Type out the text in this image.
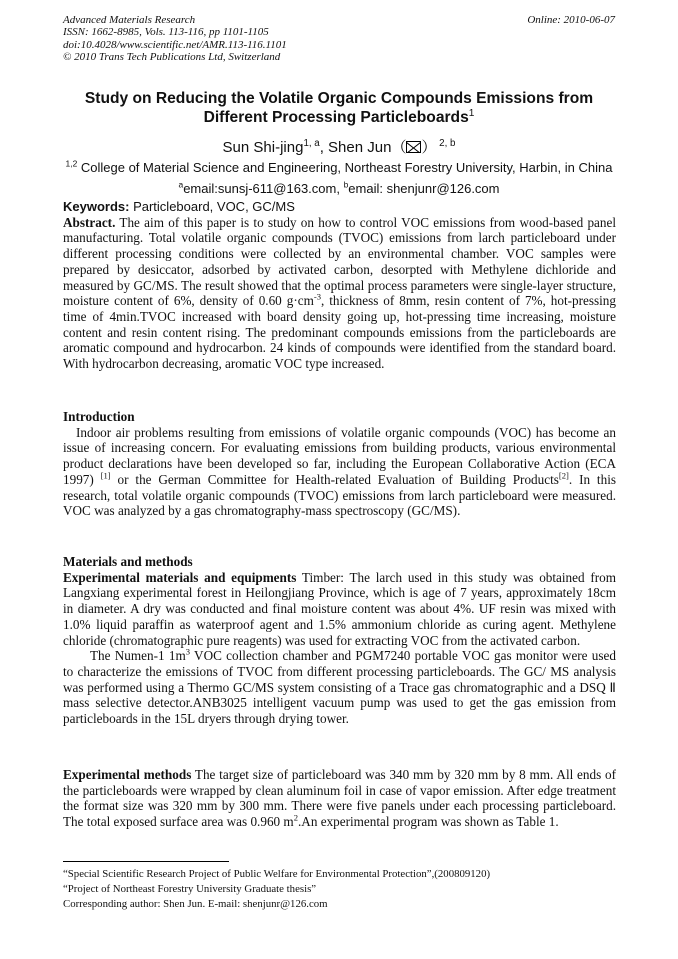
Advanced Materials Research
ISSN: 1662-8985, Vols. 113-116, pp 1101-1105
doi:10.4028/www.scientific.net/AMR.113-116.1101
© 2010 Trans Tech Publications Ltd, Switzerland
Online: 2010-06-07
Study on Reducing the Volatile Organic Compounds Emissions from
Different Processing Particleboards$^1$
Sun Shi-jing$^{1, a}$, Shen Jun（ ） $^{2, b}$
$^{1,2}$ College of Material Science and Engineering, Northeast Forestry University, Harbin, in China
$^a$email:sunsj-611@163.com, $^b$email: shenjunr@126.com
Keywords: Particleboard, VOC, GC/MS
Abstract. The aim of this paper is to study on how to control VOC emissions from wood-based panel manufacturing. Total volatile organic compounds (TVOC) emissions from larch particleboard under different processing conditions were collected by an environmental chamber. VOC samples were prepared by desiccator, adsorbed by activated carbon, desorpted with Methylene dichloride and measured by GC/MS. The result showed that the optimal process parameters were single-layer structure, moisture content of 6%, density of 0.60 $g\cdot cm^{-3}$, thickness of 8mm, resin content of 7%, hot-pressing time of 4min.TVOC increased with board density going up, hot-pressing time increasing, moisture content and resin content rising. The predominant compounds emissions from the particleboards are aromatic compound and hydrocarbon. 24 kinds of compounds were identified from the standard board. With hydrocarbon decreasing, aromatic VOC type increased.
Introduction
Indoor air problems resulting from emissions of volatile organic compounds (VOC) has become an issue of increasing concern. For evaluating emissions from building products, various environmental product declarations have been developed so far, including the European Collaborative Action (ECA 1997) [1] or the German Committee for Health-related Evaluation of Building Products[2]. In this research, total volatile organic compounds (TVOC) emissions from larch particleboard were measured. VOC was analyzed by a gas chromatography-mass spectroscopy (GC/MS).
Materials and methods
Experimental materials and equipments Timber: The larch used in this study was obtained from Langxiang experimental forest in Heilongjiang Province, which is age of 7 years, approximately 18cm in diameter. A dry was conducted and final moisture content was about 4%. UF resin was mixed with 1.0% liquid paraffin as waterproof agent and 1.5% ammonium chloride as curing agent. Methylene chloride (chromatographic pure reagents) was used for extracting VOC from the activated carbon.
The Numen-1 $1m^3$ VOC collection chamber and PGM7240 portable VOC gas monitor were used to characterize the emissions of TVOC from different processing particleboards. The GC/ MS analysis was performed using a Thermo GC/MS system consisting of a Trace gas chromatographic and a DSQ Ⅱ mass selective detector.ANB3025 intelligent vacuum pump was used to get the gas emission from particleboards in the 15L dryers through drying tower.
Experimental methods The target size of particleboard was 340 mm by 320 mm by 8 mm. All ends of the particleboards were wrapped by clean aluminum foil in case of vapor emission. After edge treatment the format size was 320 mm by 300 mm. There were five panels under each processing particleboard. The total exposed surface area was 0.960 $m^2.An$ experimental program was shown as Table 1.
“Special Scientific Research Project of Public Welfare for Environmental Protection”,(200809120)
“Project of Northeast Forestry University Graduate thesis”
Corresponding author: Shen Jun. E-mail: shenjunr@126.com
